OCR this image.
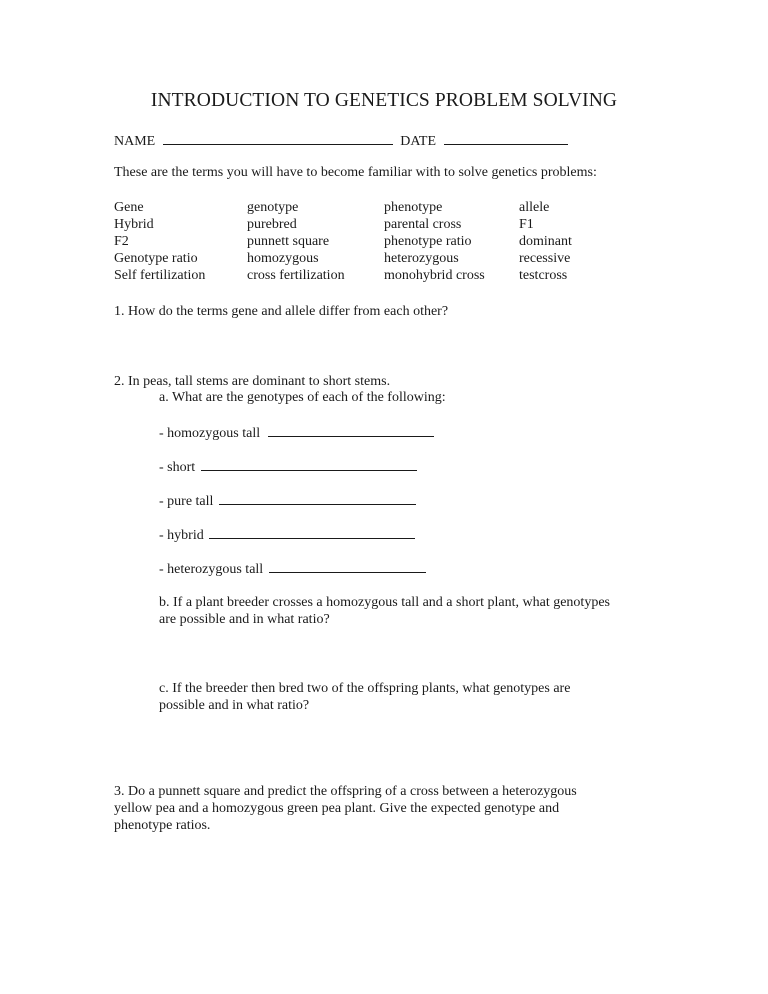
INTRODUCTION TO GENETICS PROBLEM SOLVING
NAME	DATE
These are the terms you will have to become familiar with to solve genetics problems:
Gene
Hybrid
F2
Genotype ratio
Self fertilization
genotype
purebred
punnett square
homozygous
cross fertilization
phenotype
parental cross
phenotype ratio
heterozygous
monohybrid cross
allele
F1
dominant
recessive
testcross
1. How do the terms gene and allele differ from each other?
2. In peas, tall stems are dominant to short stems.
a. What are the genotypes of each of the following:
- homozygous tall
- short
- pure tall
- hybrid
- heterozygous tall
b. If a plant breeder crosses a homozygous tall and a short plant, what genotypes
are possible and in what ratio?
c. If the breeder then bred two of the offspring plants, what genotypes are
possible and in what ratio?
3. Do a punnett square and predict the offspring of a cross between a heterozygous
yellow pea and a homozygous green pea plant. Give the expected genotype and
phenotype ratios.
